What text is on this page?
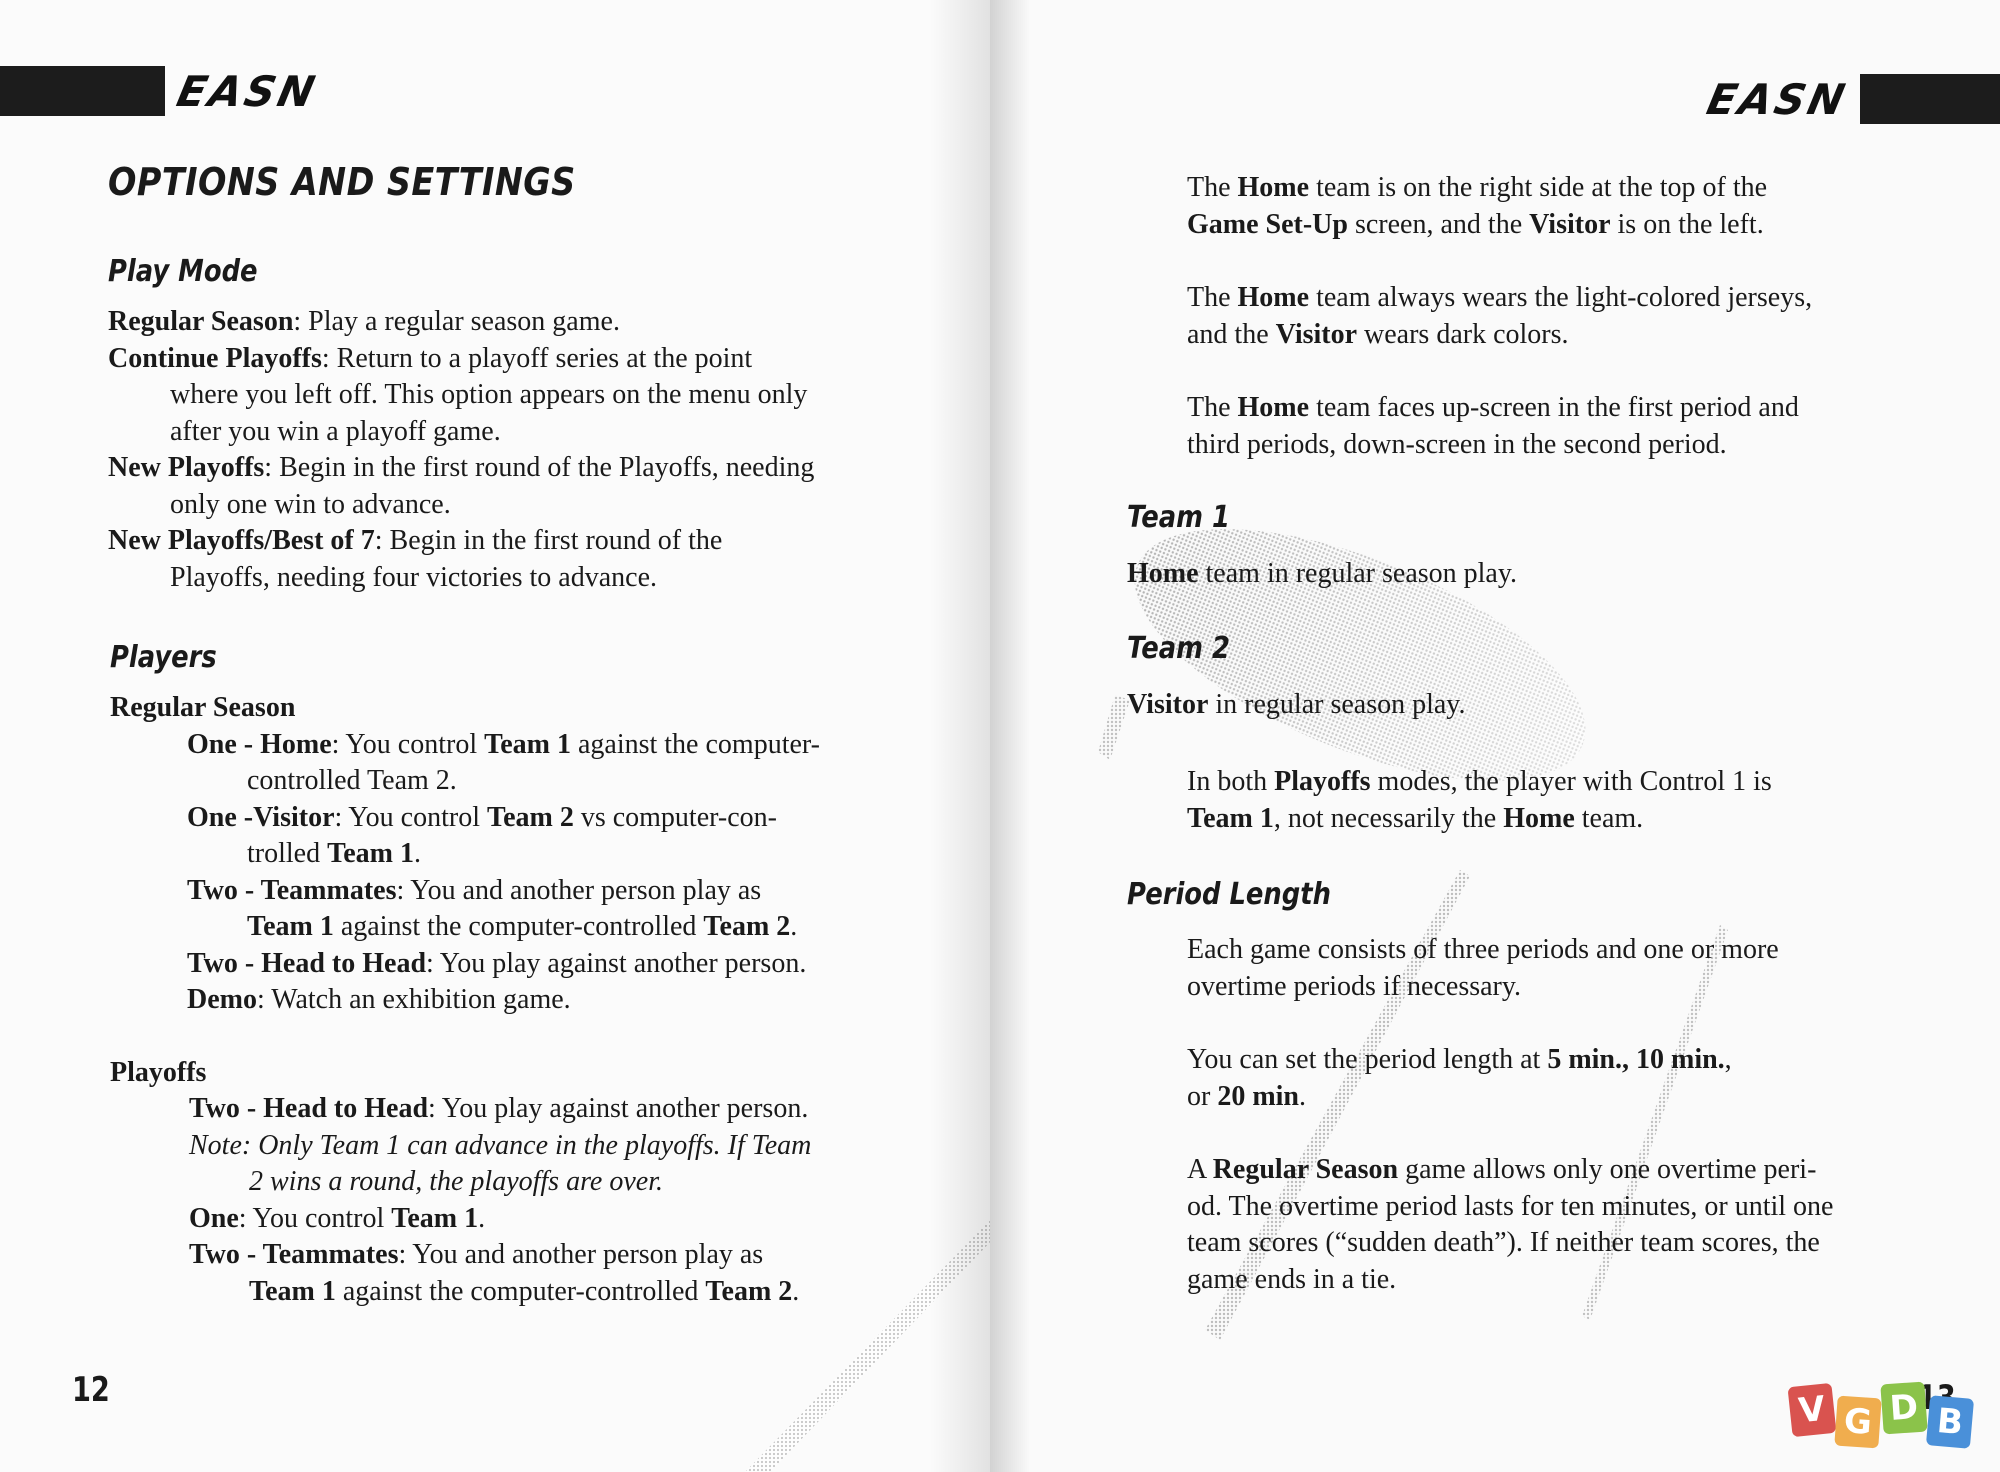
EASN	EASN
OPTIONS AND SETTINGS
Play Mode
Regular Season: Play a regular season game.
Continue Playoffs: Return to a playoff series at the point
where you left off. This option appears on the menu only
after you win a playoff game.
New Playoffs: Begin in the first round of the Playoffs, needing
only one win to advance.
New Playoffs/Best of 7: Begin in the first round of the
Playoffs, needing four victories to advance.
Players
Regular Season
One - Home: You control Team 1 against the computer-
controlled Team 2.
One -Visitor: You control Team 2 vs computer-con-
trolled Team 1.
Two - Teammates: You and another person play as
Team 1 against the computer-controlled Team 2.
Two - Head to Head: You play against another person.
Demo: Watch an exhibition game.
Playoffs
Two - Head to Head: You play against another person.
Note: Only Team 1 can advance in the playoffs. If Team
2 wins a round, the playoffs are over.
One: You control Team 1.
Two - Teammates: You and another person play as
Team 1 against the computer-controlled Team 2.
12
The Home team is on the right side at the top of the
Game Set-Up screen, and the Visitor is on the left.
The Home team always wears the light-colored jerseys,
and the Visitor wears dark colors.
The Home team faces up-screen in the first period and
third periods, down-screen in the second period.
Team 1
Home team in regular season play.
Team 2
Visitor in regular season play.
In both Playoffs modes, the player with Control 1 is
Team 1, not necessarily the Home team.
Period Length
Each game consists of three periods and one or more
overtime periods if necessary.
You can set the period length at 5 min., 10 min.,
or 20 min.
A Regular Season game allows only one overtime peri-
od. The overtime period lasts for ten minutes, or until one
team scores (“sudden death”). If neither team scores, the
game ends in a tie.
V G D B
